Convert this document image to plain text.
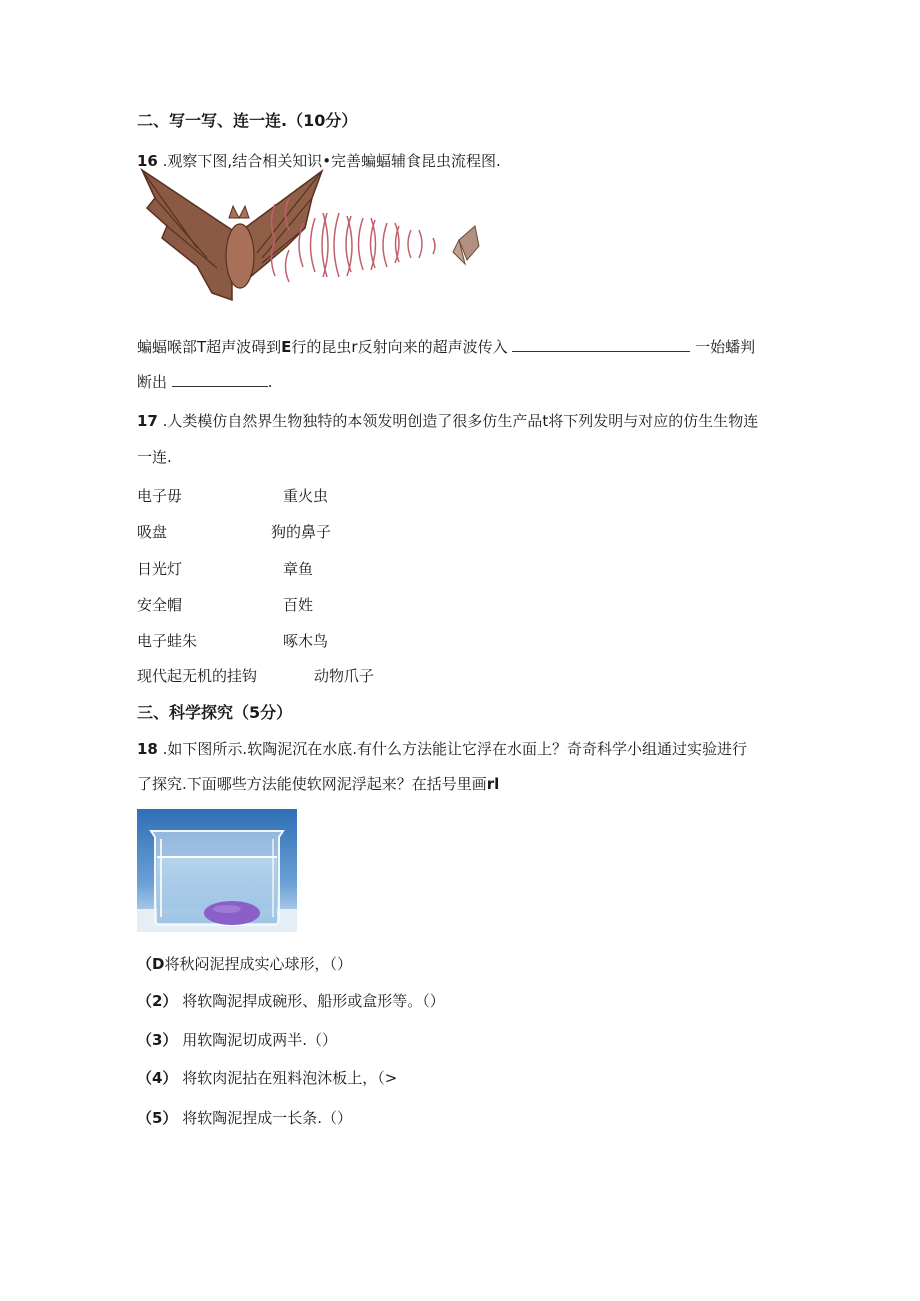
二、写一写、连一连.（10分）
16 .观察下图,结合相关知识•完善蝙蝠辅食昆虫流程图.
蝙蝠喉部T超声波碍到E行的昆虫r反射向来的超声波传入	一始蟠判
断出	.
17 .人类模仿自然界生物独特的本领发明创造了很多仿生产品t将下列发明与对应的仿生生物连
一连.
电子毋
吸盘
日光灯
安全帽
电子蛙朱
现代起无机的挂钩
重火虫
狗的鼻子
章鱼
百姓
啄木鸟
动物爪子
三、科学探究（5分）
18 .如下图所示.软陶泥沉在水底.有什么方法能让它浮在水面上？奇奇科学小组通过实验进行
了探究.下面哪些方法能使软网泥浮起来？在括号里画rl
（D将秋闷泥捏成实心球形，（）
（2） 将软陶泥捍成碗形、船形或盒形等。（）
（3） 用软陶泥切成两半.（）
（4） 将软肉泥拈在殂料泡沐板上，（>
（5） 将软陶泥捏成一长条.（）
